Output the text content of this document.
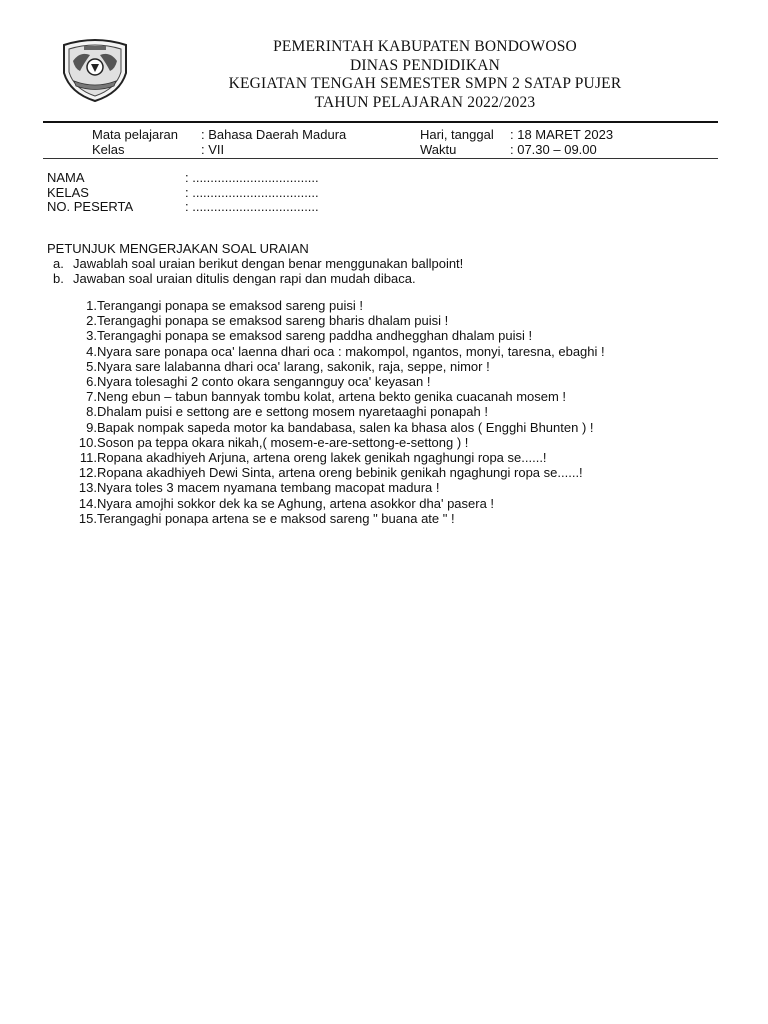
PEMERINTAH KABUPATEN BONDOWOSO
DINAS PENDIDIKAN
KEGIATAN TENGAH SEMESTER SMPN 2 SATAP PUJER
TAHUN PELAJARAN 2022/2023
Mata pelajaran : Bahasa Daerah Madura
Kelas	: VII
Hari, tanggal : 18 MARET 2023
Waktu	: 07.30 – 09.00
NAMA	: ...................................
KELAS	: ...................................
NO. PESERTA	: ...................................
PETUNJUK MENGERJAKAN SOAL URAIAN
a. Jawablah soal uraian berikut dengan benar menggunakan ballpoint!
b. Jawaban soal uraian ditulis dengan rapi dan mudah dibaca.
1. Terangangi ponapa se emaksod sareng puisi !
2. Terangaghi ponapa se emaksod sareng bharis dhalam puisi !
3. Terangaghi ponapa se emaksod sareng paddha andhegghan dhalam puisi !
4. Nyara sare ponapa oca' laenna dhari oca : makompol, ngantos, monyi, taresna, ebaghi !
5. Nyara sare lalabanna dhari oca' larang, sakonik, raja, seppe, nimor !
6. Nyara tolesaghi 2 conto okara sengannguy oca' keyasan !
7. Neng ebun – tabun bannyak tombu kolat, artena bekto genika cuacanah mosem !
8. Dhalam puisi e settong are e settong mosem nyaretaaghi ponapah !
9. Bapak nompak sapeda motor ka bandabasa, salen ka bhasa alos ( Engghi Bhunten ) !
10. Soson pa teppa okara nikah,( mosem-e-are-settong-e-settong ) !
11. Ropana akadhiyeh Arjuna, artena oreng lakek genikah ngaghungi ropa se......!
12. Ropana akadhiyeh Dewi Sinta, artena oreng bebinik genikah ngaghungi ropa se......!
13. Nyara toles 3 macem nyamana tembang macopat madura !
14. Nyara amojhi sokkor dek ka se Aghung, artena asokkor dha' pasera !
15. Terangaghi ponapa artena se e maksod sareng " buana ate " !
